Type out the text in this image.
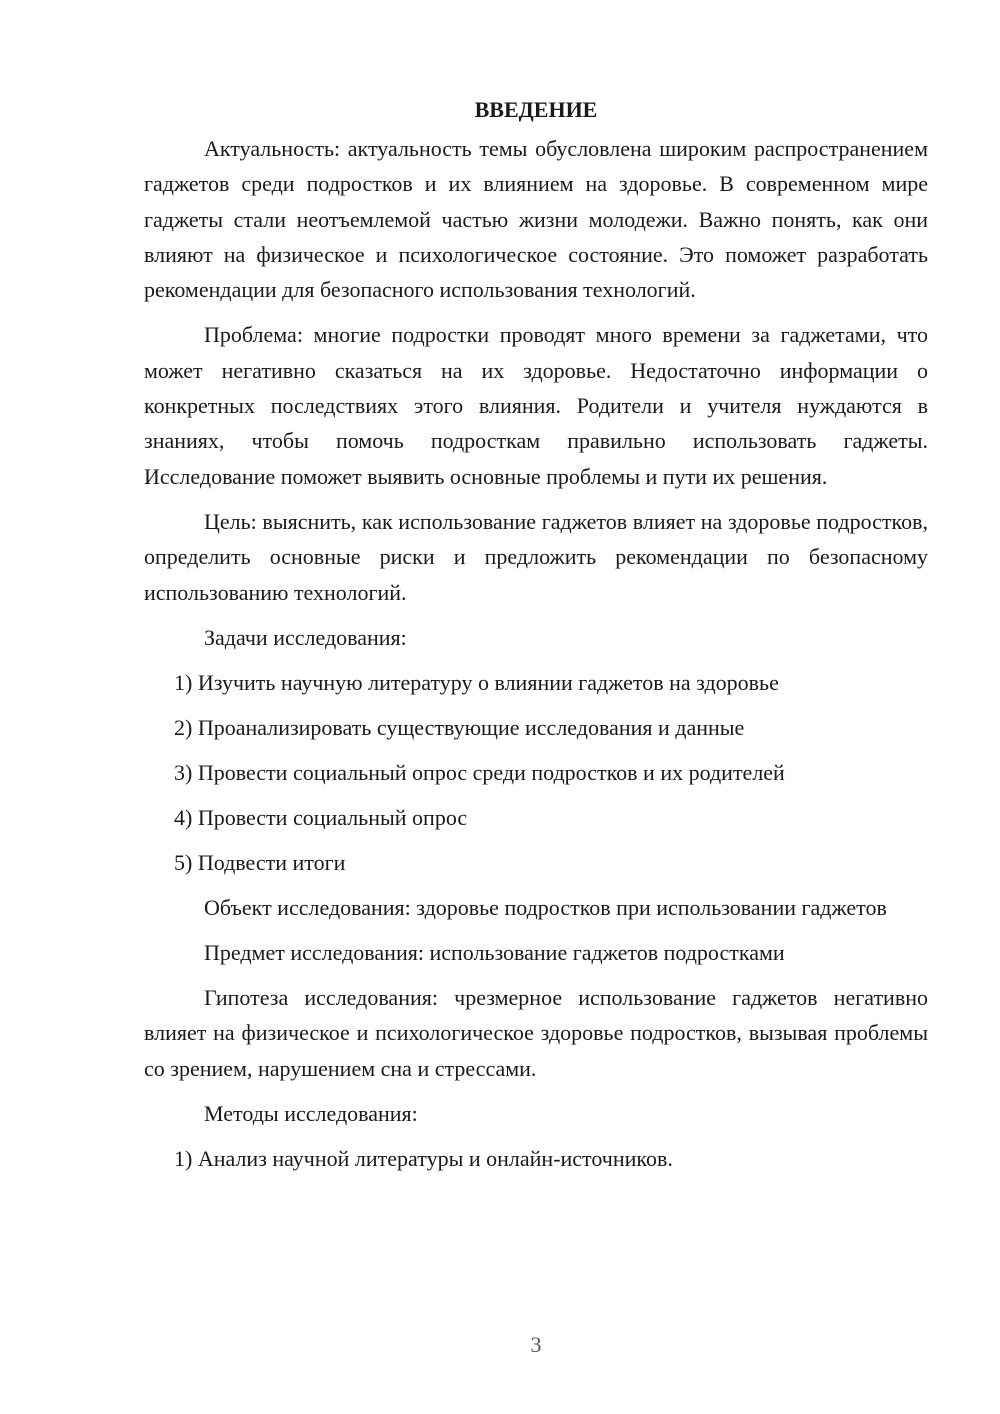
ВВЕДЕНИЕ

Актуальность: актуальность темы обусловлена широким распространением гаджетов среди подростков и их влиянием на здоровье. В современном мире гаджеты стали неотъемлемой частью жизни молодежи. Важно понять, как они влияют на физическое и психологическое состояние. Это поможет разработать рекомендации для безопасного использования технологий.

Проблема: многие подростки проводят много времени за гаджетами, что может негативно сказаться на их здоровье. Недостаточно информации о конкретных последствиях этого влияния. Родители и учителя нуждаются в знаниях, чтобы помочь подросткам правильно использовать гаджеты. Исследование поможет выявить основные проблемы и пути их решения.

Цель: выяснить, как использование гаджетов влияет на здоровье подростков, определить основные риски и предложить рекомендации по безопасному использованию технологий.

Задачи исследования:

1) Изучить научную литературу о влиянии гаджетов на здоровье

2) Проанализировать существующие исследования и данные

3) Провести социальный опрос среди подростков и их родителей

4) Провести социальный опрос

5) Подвести итоги

Объект исследования: здоровье подростков при использовании гаджетов

Предмет исследования: использование гаджетов подростками

Гипотеза исследования: чрезмерное использование гаджетов негативно влияет на физическое и психологическое здоровье подростков, вызывая проблемы со зрением, нарушением сна и стрессами.

Методы исследования:

1) Анализ научной литературы и онлайн-источников.

3
